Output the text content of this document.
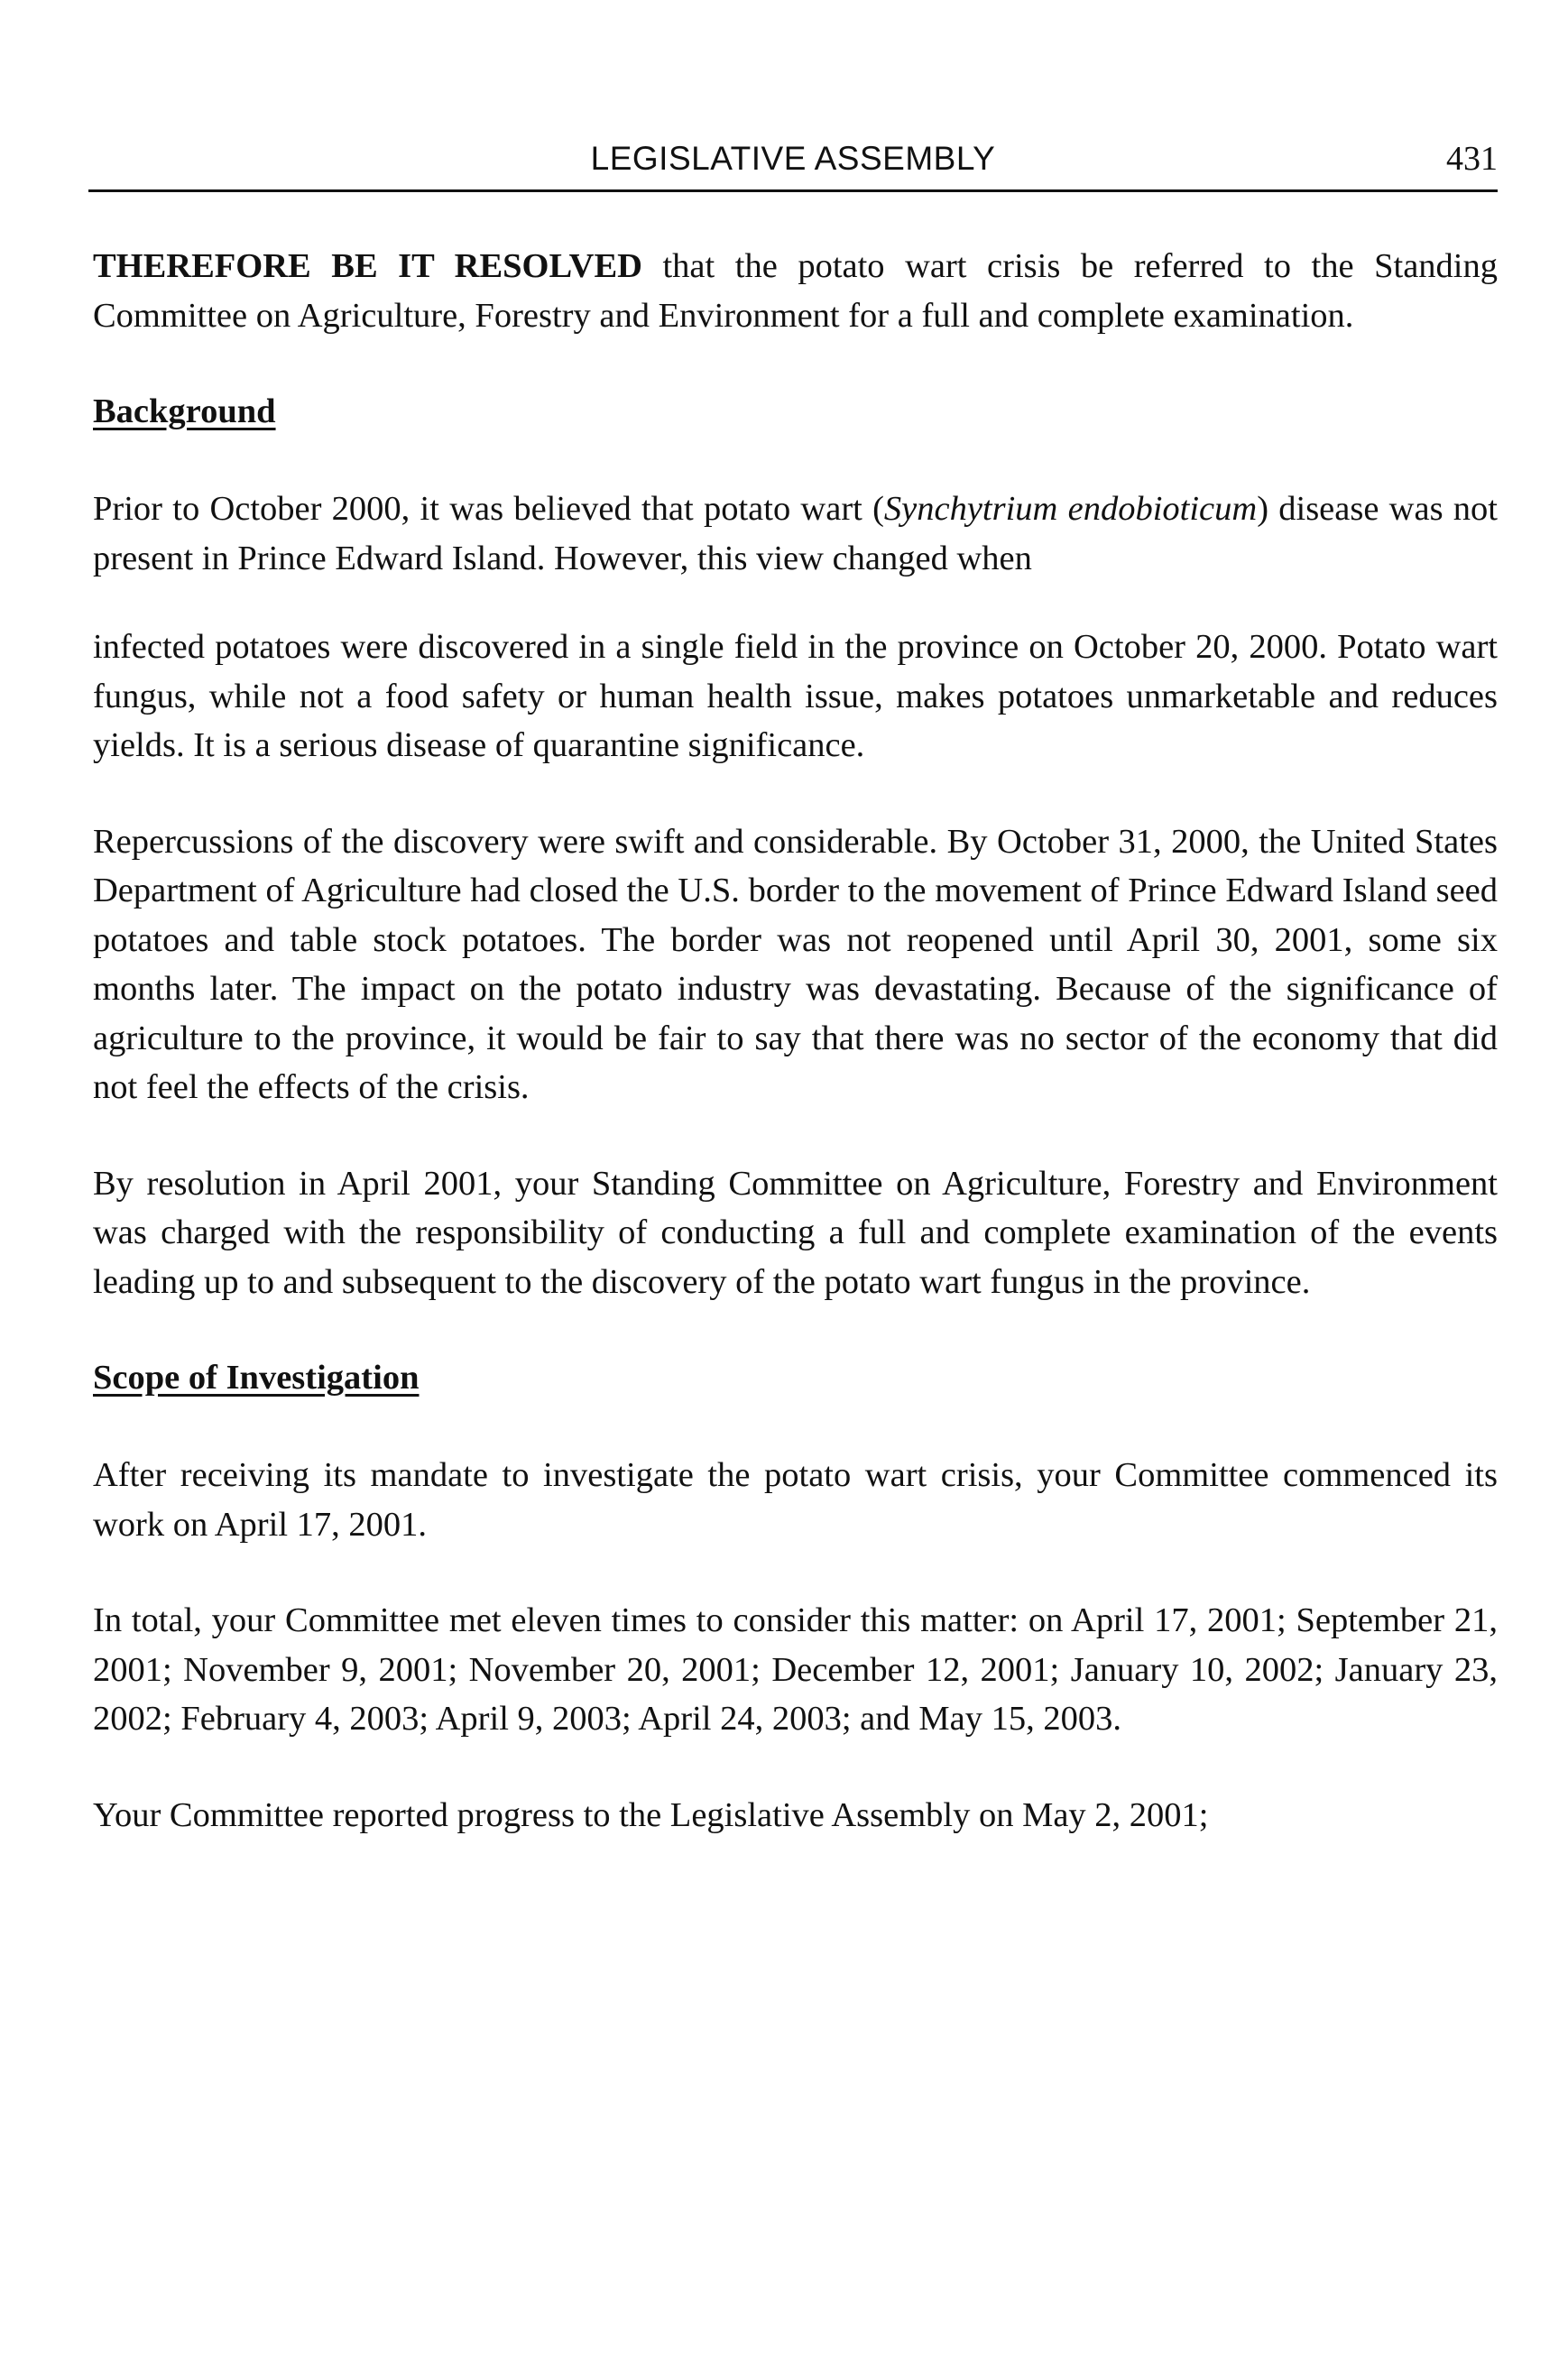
LEGISLATIVE ASSEMBLY	431

THEREFORE BE IT RESOLVED that the potato wart crisis be referred to the Standing Committee on Agriculture, Forestry and Environment for a full and complete examination.

Background

Prior to October 2000, it was believed that potato wart (Synchytrium endobioticum) disease was not present in Prince Edward Island. However, this view changed when

infected potatoes were discovered in a single field in the province on October 20, 2000. Potato wart fungus, while not a food safety or human health issue, makes potatoes unmarketable and reduces yields. It is a serious disease of quarantine significance.

Repercussions of the discovery were swift and considerable. By October 31, 2000, the United States Department of Agriculture had closed the U.S. border to the movement of Prince Edward Island seed potatoes and table stock potatoes. The border was not reopened until April 30, 2001, some six months later. The impact on the potato industry was devastating. Because of the significance of agriculture to the province, it would be fair to say that there was no sector of the economy that did not feel the effects of the crisis.

By resolution in April 2001, your Standing Committee on Agriculture, Forestry and Environment was charged with the responsibility of conducting a full and complete examination of the events leading up to and subsequent to the discovery of the potato wart fungus in the province.

Scope of Investigation

After receiving its mandate to investigate the potato wart crisis, your Committee commenced its work on April 17, 2001.

In total, your Committee met eleven times to consider this matter: on April 17, 2001; September 21, 2001; November 9, 2001; November 20, 2001; December 12, 2001; January 10, 2002; January 23, 2002; February 4, 2003; April 9, 2003; April 24, 2003; and May 15, 2003.

Your Committee reported progress to the Legislative Assembly on May 2, 2001;
